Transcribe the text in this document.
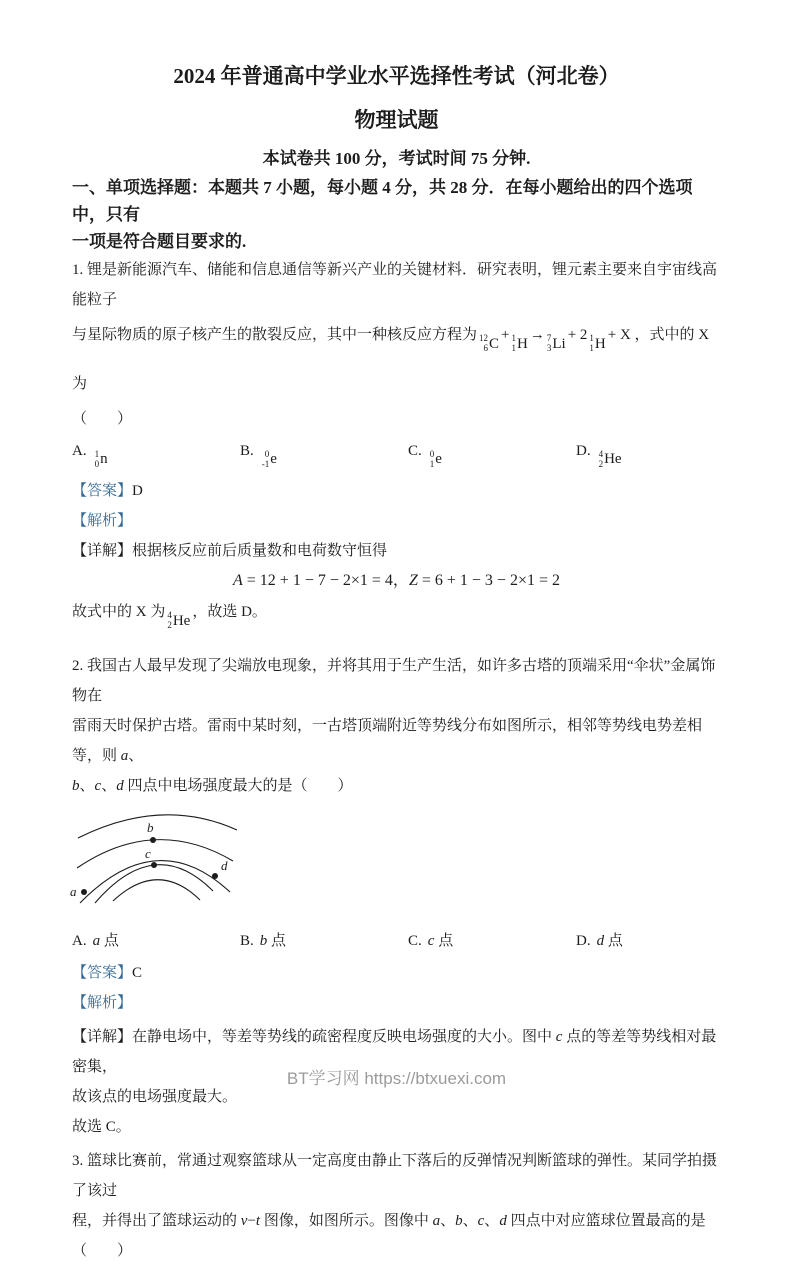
2024 年普通高中学业水平选择性考试（河北卷）
物理试题
本试卷共 100 分，考试时间 75 分钟.
一、单项选择题：本题共 7 小题，每小题 4 分，共 28 分．在每小题给出的四个选项中，只有
一项是符合题目要求的.
1. 锂是新能源汽车、储能和信息通信等新兴产业的关键材料．研究表明，锂元素主要来自宇宙线高能粒子
与星际物质的原子核产生的散裂反应，其中一种核反应方程为 12
6 C
+ 1
1 H
→ 7
3 Li
+ 2 1
1 H
+ X ，式中的 X 为
（　　）
A. 1
0 n
B. 0
-1 e
C. 0
1 e
D. 4
2 He
【答案】D
【解析】
【详解】根据核反应前后质量数和电荷数守恒得
A = 12 + 1 − 7 − 2×1 = 4，Z = 6 + 1 − 3 − 2×1 = 2
故式中的 X 为 4
2 He
，故选 D。
2. 我国古人最早发现了尖端放电现象，并将其用于生产生活，如许多古塔的顶端采用“伞状”金属饰物在
雷雨天时保护古塔。雷雨中某时刻，一古塔顶端附近等势线分布如图所示，相邻等势线电势差相等，则 a、
b、c、d 四点中电场强度最大的是（　　）
a
b
c
d
A. a 点	B. b 点	C. c 点	D. d 点
【答案】C
【解析】
【详解】在静电场中，等差等势线的疏密程度反映电场强度的大小。图中 c 点的等差等势线相对最密集，
故该点的电场强度最大。
故选 C。
3. 篮球比赛前，常通过观察篮球从一定高度由静止下落后的反弹情况判断篮球的弹性。某同学拍摄了该过
程，并得出了篮球运动的 v−t 图像，如图所示。图像中 a、b、c、d 四点中对应篮球位置最高的是（　　）
BT学习网 https://btxuexi.com
